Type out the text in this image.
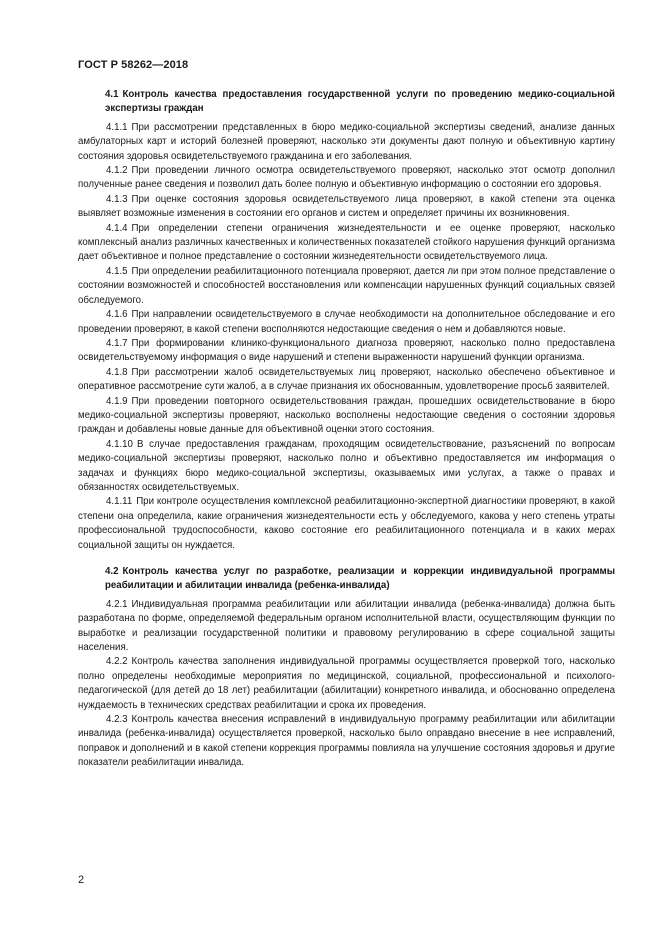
ГОСТ Р 58262—2018

4.1 Контроль качества предоставления государственной услуги по проведению медико-социальной экспертизы граждан

4.1.1 При рассмотрении представленных в бюро медико-социальной экспертизы сведений, анализе данных амбулаторных карт и историй болезней проверяют, насколько эти документы дают полную и объективную картину состояния здоровья освидетельствуемого гражданина и его заболевания.

4.1.2 При проведении личного осмотра освидетельствуемого проверяют, насколько этот осмотр дополнил полученные ранее сведения и позволил дать более полную и объективную информацию о состоянии его здоровья.

4.1.3 При оценке состояния здоровья освидетельствуемого лица проверяют, в какой степени эта оценка выявляет возможные изменения в состоянии его органов и систем и определяет причины их возникновения.

4.1.4 При определении степени ограничения жизнедеятельности и ее оценке проверяют, насколько комплексный анализ различных качественных и количественных показателей стойкого нарушения функций организма дает объективное и полное представление о состоянии жизнедеятельности освидетельствуемого лица.

4.1.5 При определении реабилитационного потенциала проверяют, дается ли при этом полное представление о состоянии возможностей и способностей восстановления или компенсации нарушенных функций социальных связей обследуемого.

4.1.6 При направлении освидетельствуемого в случае необходимости на дополнительное обследование и его проведении проверяют, в какой степени восполняются недостающие сведения о нем и добавляются новые.

4.1.7 При формировании клинико-функционального диагноза проверяют, насколько полно предоставлена освидетельствуемому информация о виде нарушений и степени выраженности нарушений функции организма.

4.1.8 При рассмотрении жалоб освидетельствуемых лиц проверяют, насколько обеспечено объективное и оперативное рассмотрение сути жалоб, а в случае признания их обоснованным, удовлетворение просьб заявителей.

4.1.9 При проведении повторного освидетельствования граждан, прошедших освидетельствование в бюро медико-социальной экспертизы проверяют, насколько восполнены недостающие сведения о состоянии здоровья граждан и добавлены новые данные для объективной оценки этого состояния.

4.1.10 В случае предоставления гражданам, проходящим освидетельствование, разъяснений по вопросам медико-социальной экспертизы проверяют, насколько полно и объективно предоставляется им информация о задачах и функциях бюро медико-социальной экспертизы, оказываемых ими услугах, а также о правах и обязанностях освидетельствуемых.

4.1.11 При контроле осуществления комплексной реабилитационно-экспертной диагностики проверяют, в какой степени она определила, какие ограничения жизнедеятельности есть у обследуемого, какова у него степень утраты профессиональной трудоспособности, каково состояние его реабилитационного потенциала и в каких мерах социальной защиты он нуждается.

4.2 Контроль качества услуг по разработке, реализации и коррекции индивидуальной программы реабилитации и абилитации инвалида (ребенка-инвалида)

4.2.1 Индивидуальная программа реабилитации или абилитации инвалида (ребенка-инвалида) должна быть разработана по форме, определяемой федеральным органом исполнительной власти, осуществляющим функции по выработке и реализации государственной политики и правовому регулированию в сфере социальной защиты населения.

4.2.2 Контроль качества заполнения индивидуальной программы осуществляется проверкой того, насколько полно определены необходимые мероприятия по медицинской, социальной, профессиональной и психолого-педагогической (для детей до 18 лет) реабилитации (абилитации) конкретного инвалида, и обоснованно определена нуждаемость в технических средствах реабилитации и срока их проведения.

4.2.3 Контроль качества внесения исправлений в индивидуальную программу реабилитации или абилитации инвалида (ребенка-инвалида) осуществляется проверкой, насколько было оправдано внесение в нее исправлений, поправок и дополнений и в какой степени коррекция программы повлияла на улучшение состояния здоровья и другие показатели реабилитации инвалида.

2
